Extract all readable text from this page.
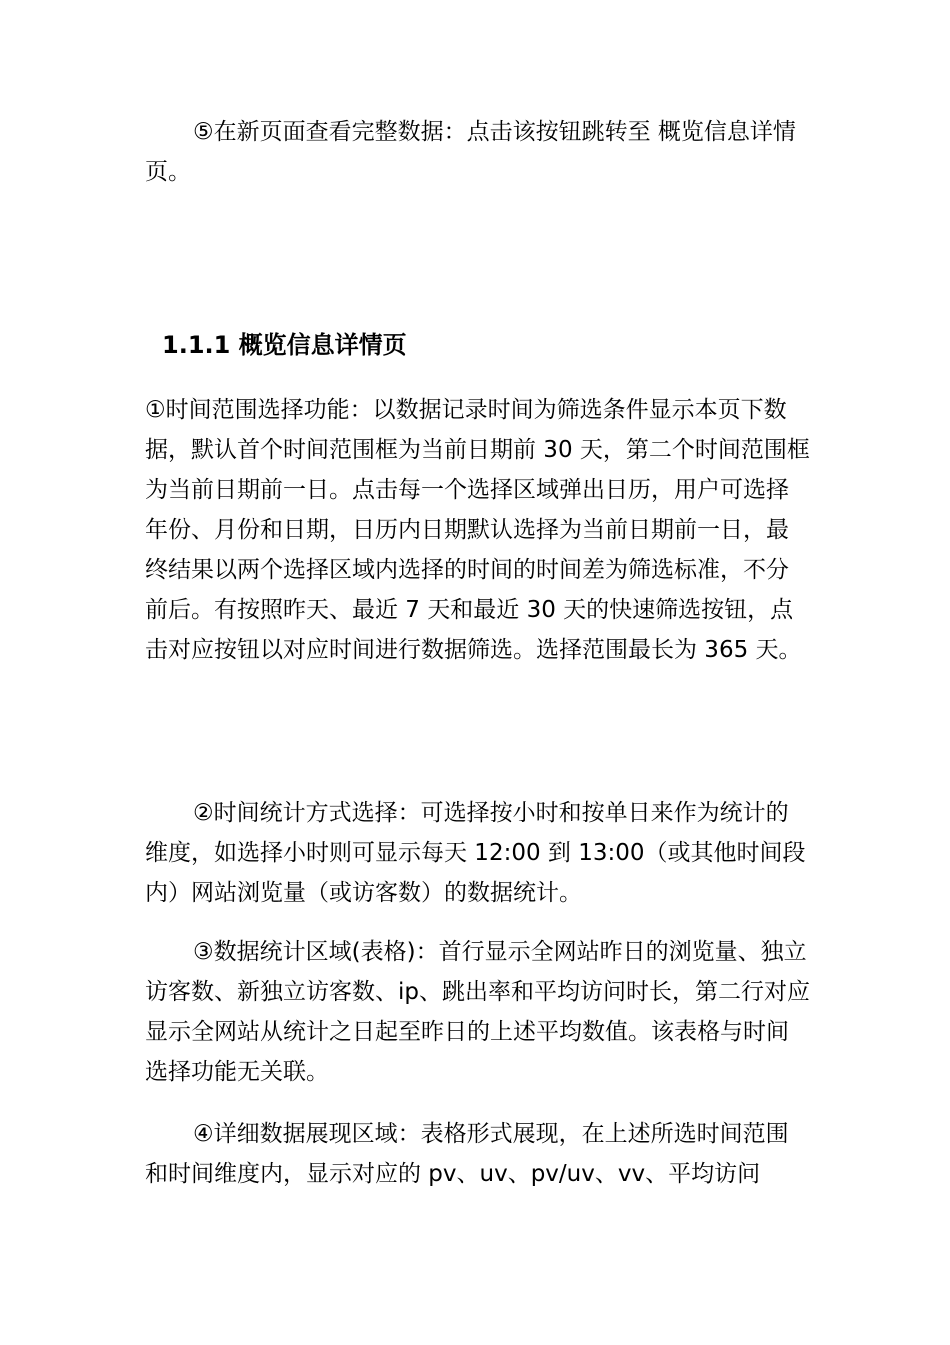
⑤在新页面查看完整数据：点击该按钮跳转至 概览信息详情页。

1.1.1 概览信息详情页

①时间范围选择功能：以数据记录时间为筛选条件显示本页下数据，默认首个时间范围框为当前日期前 30 天，第二个时间范围框为当前日期前一日。点击每一个选择区域弹出日历，用户可选择年份、月份和日期，日历内日期默认选择为当前日期前一日，最终结果以两个选择区域内选择的时间的时间差为筛选标准，不分前后。有按照昨天、最近 7 天和最近 30 天的快速筛选按钮，点击对应按钮以对应时间进行数据筛选。选择范围最长为 365 天。

②时间统计方式选择：可选择按小时和按单日来作为统计的维度，如选择小时则可显示每天 12:00 到 13:00（或其他时间段内）网站浏览量（或访客数）的数据统计。

③数据统计区域(表格)：首行显示全网站昨日的浏览量、独立访客数、新独立访客数、ip、跳出率和平均访问时长，第二行对应显示全网站从统计之日起至昨日的上述平均数值。该表格与时间选择功能无关联。

④详细数据展现区域：表格形式展现，在上述所选时间范围和时间维度内，显示对应的 pv、uv、pv/uv、vv、平均访问
